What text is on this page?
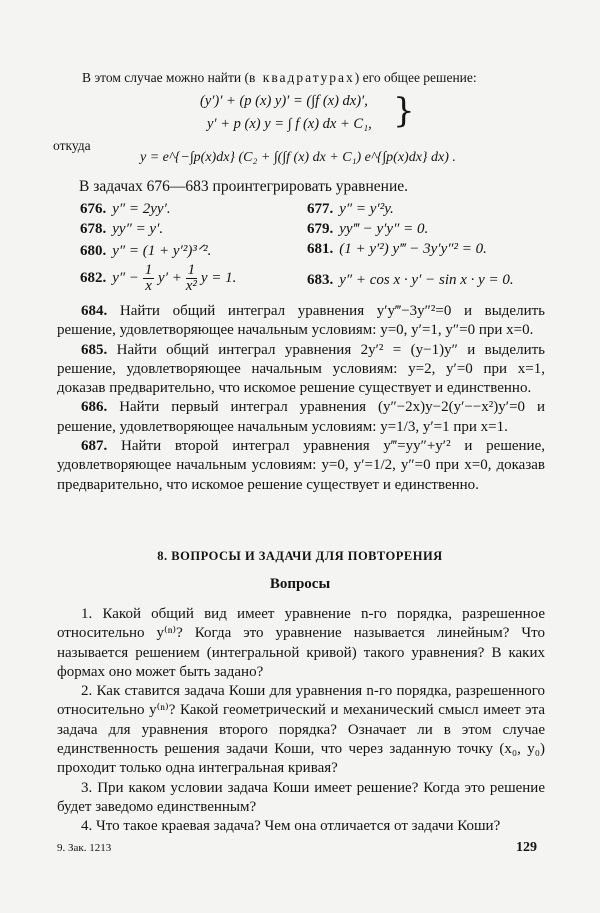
В этом случае можно найти (в квадратурах) его общее решение:
(y′)′ + (p (x) y)′ = (∫f (x) dx)′,
y′ + p (x) y = ∫ f (x) dx + C₁, }
откуда
y = e^{−∫p(x)dx} (C₂ + ∫(∫f (x) dx + C₁) e^{∫p(x)dx} dx) .
В задачах 676—683 проинтегрировать уравнение.
676. y″ = 2yy′.	677. y″ = y′²y.
678. yy″ = y′.	679. yy‴ − y′y″ = 0.
680. y″ = (1 + y′²)³ᐟ².	681. (1 + y′²) y‴ − 3y′y″² = 0.
682. $y'' - \frac{1}{x} y' + \frac{1}{\text{x²}}$ y = 1.	683. y″ + cos x · y′ − sin x · y = 0.

684. Найти общий интеграл уравнения y′y‴−3y″²=0 и выделить решение, удовлетворяющее начальным условиям: y=0, y′=1, y″=0 при x=0.

685. Найти общий интеграл уравнения 2y′² = (y−1)y″ и выделить решение, удовлетворяющее начальным условиям: y=2, y′=0 при x=1, доказав предварительно, что искомое решение существует и единственно.

686. Найти первый интеграл уравнения (y″−2x)y−2(y′−−x²)y′=0 и решение, удовлетворяющее начальным условиям: y=1/3, y′=1 при x=1.

687. Найти второй интеграл уравнения y‴=yy″+y′² и решение, удовлетворяющее начальным условиям: y=0, y′=1/2, y″=0 при x=0, доказав предварительно, что искомое решение существует и единственно.

8. ВОПРОСЫ И ЗАДАЧИ ДЛЯ ПОВТОРЕНИЯ
Вопросы

1. Какой общий вид имеет уравнение n-го порядка, разрешенное относительно y⁽ⁿ⁾? Когда это уравнение называется линейным? Что называется решением (интегральной кривой) такого уравнения? В каких формах оно может быть задано?

2. Как ставится задача Коши для уравнения n-го порядка, разрешенного относительно y⁽ⁿ⁾? Какой геометрический и механический смысл имеет эта задача для уравнения второго порядка? Означает ли в этом случае единственность решения задачи Коши, что через заданную точку (x₀, y₀) проходит только одна интегральная кривая?

3. При каком условии задача Коши имеет решение? Когда это решение будет заведомо единственным?

4. Что такое краевая задача? Чем она отличается от задачи Коши?

9. Зак. 1213	129
